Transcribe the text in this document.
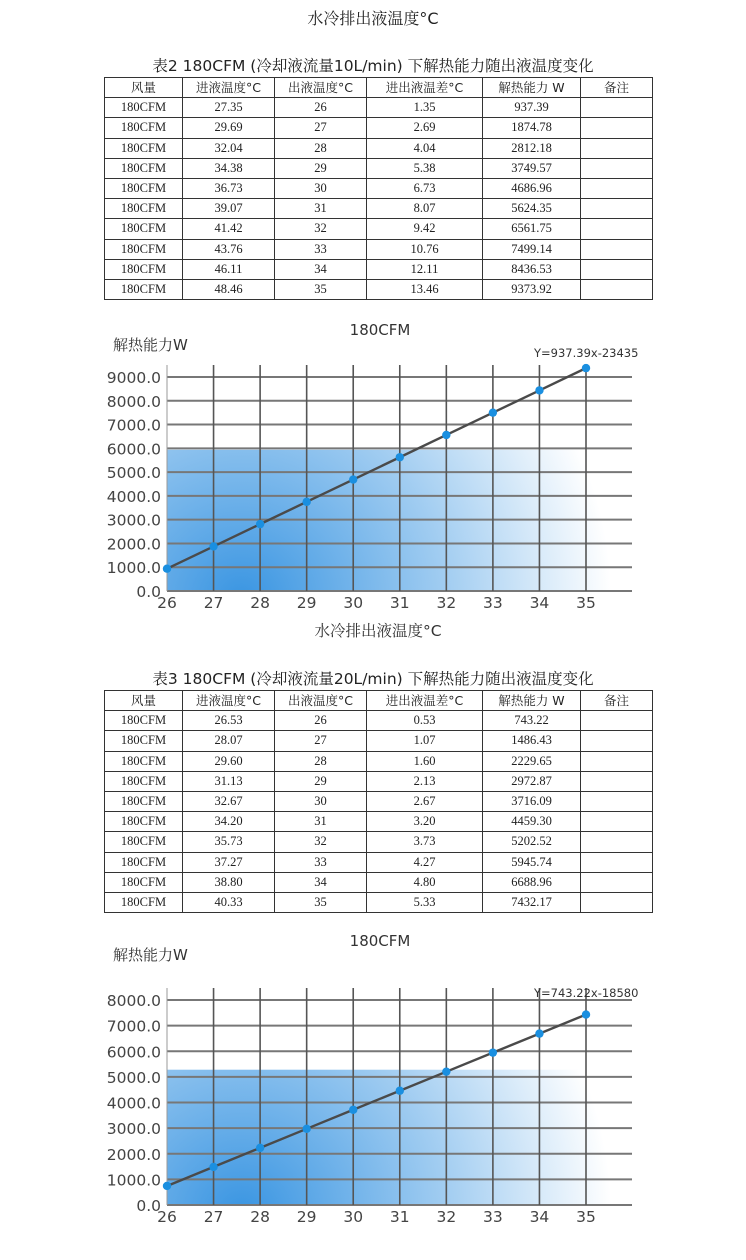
水冷排出液温度°C
表2 180CFM (冷却液流量10L/min) 下解热能力随出液温度变化
风量	进液温度°C	出液温度°C	进出液温差°C	解热能力 W	备注
180CFM	27.35	26	1.35	937.39	
180CFM	29.69	27	2.69	1874.78	
180CFM	32.04	28	4.04	2812.18	
180CFM	34.38	29	5.38	3749.57	
180CFM	36.73	30	6.73	4686.96	
180CFM	39.07	31	8.07	5624.35	
180CFM	41.42	32	9.42	6561.75	
180CFM	43.76	33	10.76	7499.14	
180CFM	46.11	34	12.11	8436.53	
180CFM	48.46	35	13.46	9373.92	
0.0
1000.0
2000.0
3000.0
4000.0
5000.0
6000.0
7000.0
8000.0
9000.0
26 27 28 29 30 31 32 33 34 35
180CFM
解热能力W	Y=937.39x-23435
水冷排出液温度°C
表3 180CFM (冷却液流量20L/min) 下解热能力随出液温度变化
风量	进液温度°C	出液温度°C	进出液温差°C	解热能力 W	备注
180CFM	26.53	26	0.53	743.22	
180CFM	28.07	27	1.07	1486.43	
180CFM	29.60	28	1.60	2229.65	
180CFM	31.13	29	2.13	2972.87	
180CFM	32.67	30	2.67	3716.09	
180CFM	34.20	31	3.20	4459.30	
180CFM	35.73	32	3.73	5202.52	
180CFM	37.27	33	4.27	5945.74	
180CFM	38.80	34	4.80	6688.96	
180CFM	40.33	35	5.33	7432.17	
0.0
1000.0
2000.0
3000.0
4000.0
5000.0
6000.0
7000.0
8000.0
26 27 28 29 30 31 32 33 34 35
180CFM
解热能力W
Y=743.22x-18580
